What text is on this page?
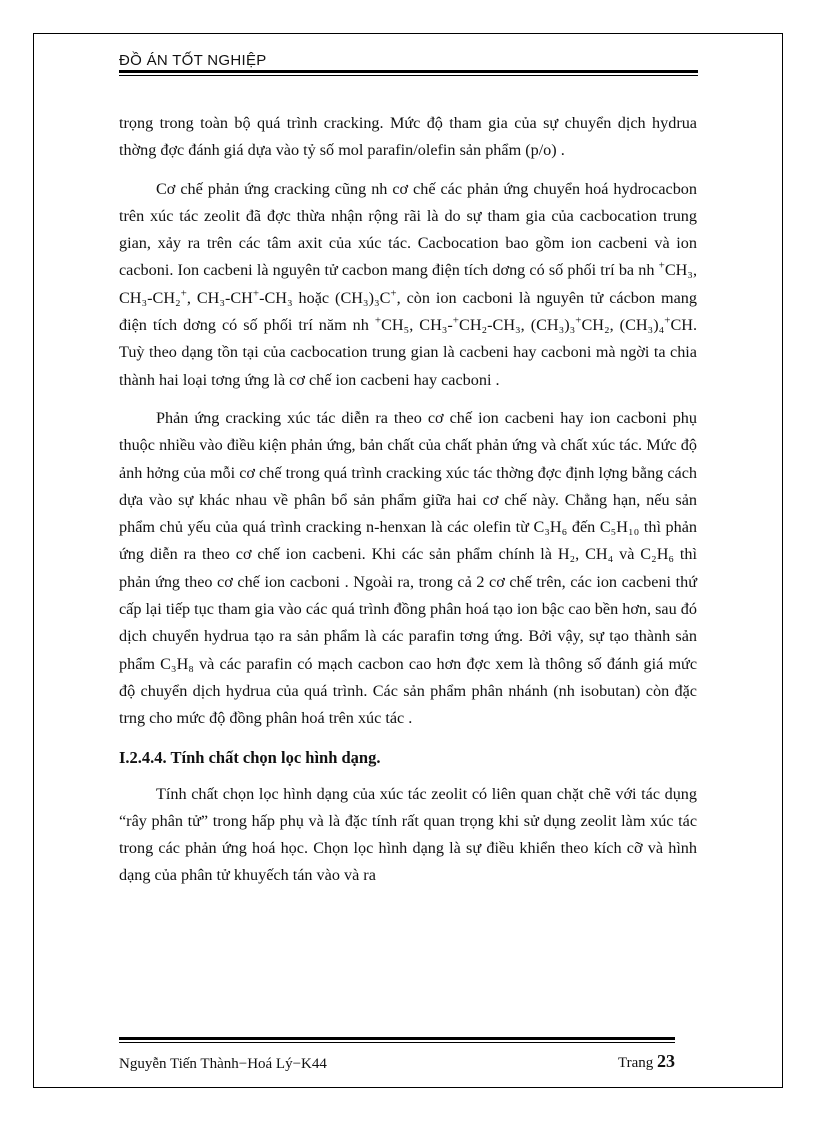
ĐỒ ÁN TỐT NGHIỆP

trọng trong toàn bộ quá trình cracking. Mức độ tham gia của sự chuyển dịch hydrua thờng đợc đánh giá dựa vào tỷ số mol parafin/olefin sản phẩm (p/o) .

Cơ chế phản ứng cracking cũng nh cơ chế các phản ứng chuyển hoá hydrocacbon trên xúc tác zeolit đã đợc thừa nhận rộng rãi là do sự tham gia của cacbocation trung gian, xảy ra trên các tâm axit của xúc tác. Cacbocation bao gồm ion cacbeni và ion cacboni. Ion cacbeni là nguyên tử cacbon mang điện tích dơng có số phối trí ba nh +CH₃, CH₃-CH₂+, CH₃-CH+-CH₃ hoặc (CH₃)₃C+, còn ion cacboni là nguyên tử cácbon mang điện tích dơng có số phối trí năm nh +CH₅, CH₃-+CH₂-CH₃, (CH₃)₃+CH₂, (CH₃)₄+CH. Tuỳ theo dạng tồn tại của cacbocation trung gian là cacbeni hay cacboni mà ngời ta chia thành hai loại tơng ứng là cơ chế ion cacbeni hay cacboni .

Phản ứng cracking xúc tác diễn ra theo cơ chế ion cacbeni hay ion cacboni phụ thuộc nhiều vào điều kiện phản ứng, bản chất của chất phản ứng và chất xúc tác. Mức độ ảnh hởng của mỗi cơ chế trong quá trình cracking xúc tác thờng đợc định lợng bằng cách dựa vào sự khác nhau về phân bổ sản phẩm giữa hai cơ chế này. Chẳng hạn, nếu sản phẩm chủ yếu của quá trình cracking n-henxan là các olefin từ C₃H₆ đến C₅H₁₀ thì phản ứng diễn ra theo cơ chế ion cacbeni. Khi các sản phẩm chính là H₂, CH₄ và C₂H₆ thì phản ứng theo cơ chế ion cacboni . Ngoài ra, trong cả 2 cơ chế trên, các ion cacbeni thứ cấp lại tiếp tục tham gia vào các quá trình đồng phân hoá tạo ion bậc cao bền hơn, sau đó dịch chuyển hydrua tạo ra sản phẩm là các parafin tơng ứng. Bởi vậy, sự tạo thành sản phẩm C₃H₈ và các parafin có mạch cacbon cao hơn đợc xem là thông số đánh giá mức độ chuyển dịch hydrua của quá trình. Các sản phẩm phân nhánh (nh isobutan) còn đặc trng cho mức độ đồng phân hoá trên xúc tác .

I.2.4.4. Tính chất chọn lọc hình dạng.

Tính chất chọn lọc hình dạng của xúc tác zeolit có liên quan chặt chẽ với tác dụng “rây phân tử” trong hấp phụ và là đặc tính rất quan trọng khi sử dụng zeolit làm xúc tác trong các phản ứng hoá học. Chọn lọc hình dạng là sự điều khiển theo kích cỡ và hình dạng của phân tử khuyếch tán vào và ra

Nguyễn Tiến Thành−Hoá Lý−K44	Trang 23
